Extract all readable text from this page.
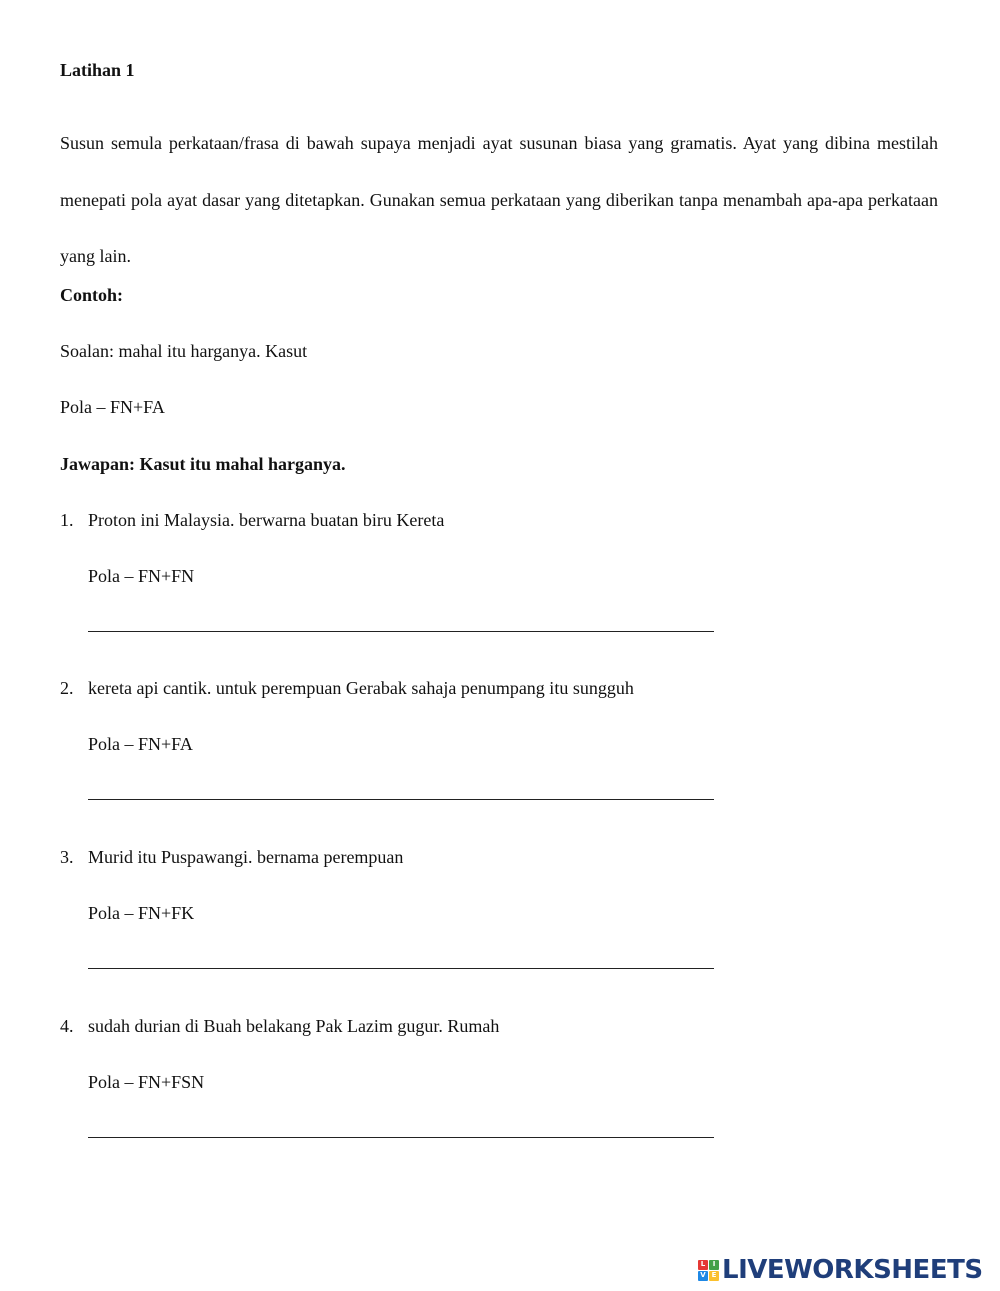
Latihan 1

Susun semula perkataan/frasa di bawah supaya menjadi ayat susunan biasa yang gramatis. Ayat yang dibina mestilah menepati pola ayat dasar yang ditetapkan. Gunakan semua perkataan yang diberikan tanpa menambah apa-apa perkataan yang lain.

Contoh:
Soalan: mahal itu harganya. Kasut
Pola – FN+FA
Jawapan: Kasut itu mahal harganya.
1. Proton ini Malaysia. berwarna buatan biru Kereta
Pola – FN+FN
2. kereta api cantik. untuk perempuan Gerabak sahaja penumpang itu sungguh
Pola – FN+FA
3. Murid itu Puspawangi. bernama perempuan
Pola – FN+FK
4. sudah durian di Buah belakang Pak Lazim gugur. Rumah
Pola – FN+FSN
L	I
V E LIVEWORKSHEETS
